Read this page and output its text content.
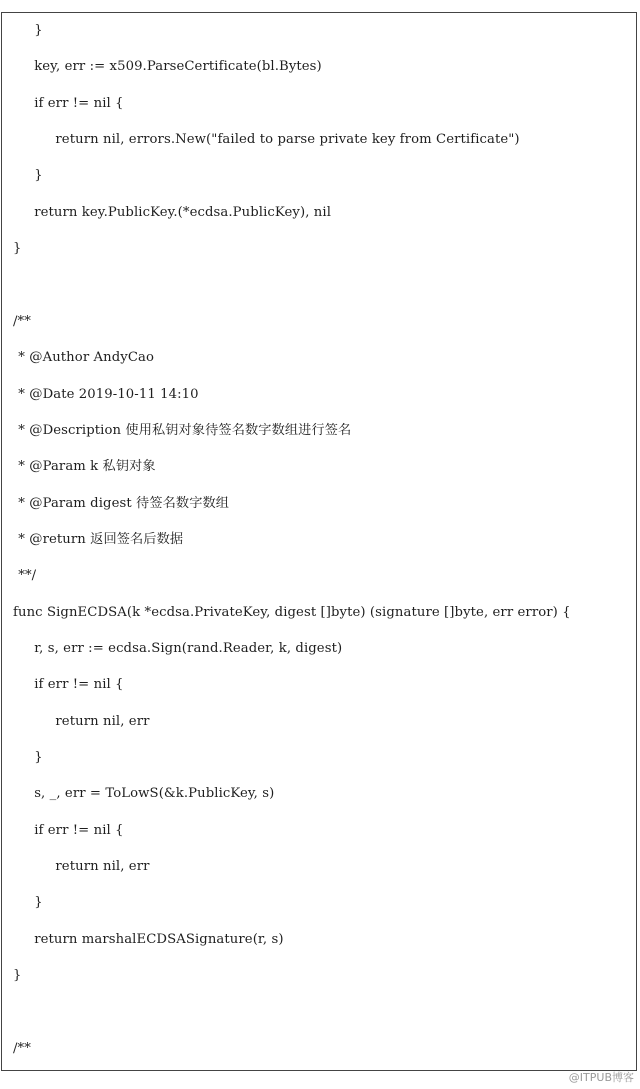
}
key, err := x509.ParseCertificate(bl.Bytes)
if err != nil {
return nil, errors.New("failed to parse private key from Certificate")
}
return key.PublicKey.(*ecdsa.PublicKey), nil
}
/**
* @Author AndyCao
* @Date 2019-10-11 14:10
* @Description 使用私钥对象待签名数字数组进行签名
* @Param k 私钥对象
* @Param digest 待签名数字数组
* @return 返回签名后数据
**/
func SignECDSA(k *ecdsa.PrivateKey, digest []byte) (signature []byte, err error) {
r, s, err := ecdsa.Sign(rand.Reader, k, digest)
if err != nil {
return nil, err
}
s, _, err = ToLowS(&k.PublicKey, s)
if err != nil {
return nil, err
}
return marshalECDSASignature(r, s)
}
/**
@ITPUB博客
